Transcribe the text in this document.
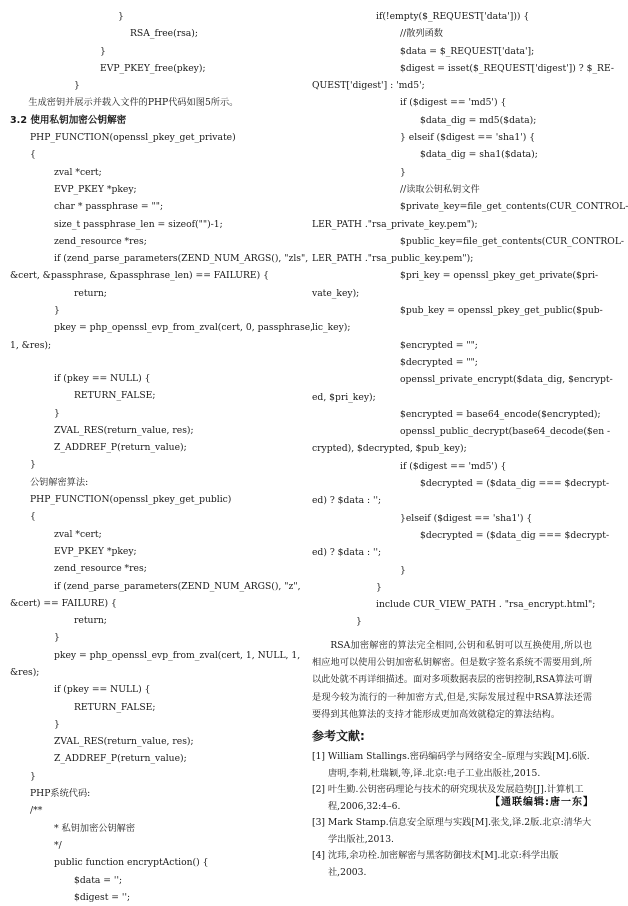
}
RSA_free(rsa);
}
EVP_PKEY_free(pkey);
}

生成密钥并展示并载入文件的PHP代码如图5所示。

3.2 使用私钥加密公钥解密
PHP_FUNCTION(openssl_pkey_get_private)
{
zval *cert;
EVP_PKEY *pkey;
char * passphrase = "";
size_t passphrase_len = sizeof("")-1;
zend_resource *res;
if (zend_parse_parameters(ZEND_NUM_ARGS(), "zls",
&cert, &passphrase, &passphrase_len) == FAILURE) {
return;
}
pkey = php_openssl_evp_from_zval(cert, 0, passphrase,
1, &res);
if (pkey == NULL) {
RETURN_FALSE;
}
ZVAL_RES(return_value, res);
Z_ADDREF_P(return_value);
}
公钥解密算法:
PHP_FUNCTION(openssl_pkey_get_public)
{
zval *cert;
EVP_PKEY *pkey;
zend_resource *res;
if (zend_parse_parameters(ZEND_NUM_ARGS(), "z",
&cert) == FAILURE) {
return;
}
pkey = php_openssl_evp_from_zval(cert, 1, NULL, 1,
&res);
if (pkey == NULL) {
RETURN_FALSE;
}
ZVAL_RES(return_value, res);
Z_ADDREF_P(return_value);
}
PHP系统代码:
/**
* 私钥加密公钥解密
*/
public function encryptAction() {
$data = '';
$digest = '';
if(!empty($_REQUEST['data'])) {
//散列函数
$data = $_REQUEST['data'];
$digest = isset($_REQUEST['digest']) ? $_RE-
QUEST['digest'] : 'md5';
if ($digest == 'md5') {
$data_dig = md5($data);
} elseif ($digest == 'sha1') {
$data_dig = sha1($data);
}
//读取公钥私钥文件
$private_key=file_get_contents(CUR_CONTROL-
LER_PATH ."rsa_private_key.pem");
$public_key=file_get_contents(CUR_CONTROL-
LER_PATH ."rsa_public_key.pem");
$pri_key = openssl_pkey_get_private($pri-
vate_key);
$pub_key = openssl_pkey_get_public($pub-
lic_key);
$encrypted = "";
$decrypted = "";
openssl_private_encrypt($data_dig, $encrypt-
ed, $pri_key);
$encrypted = base64_encode($encrypted);
openssl_public_decrypt(base64_decode($en -
crypted), $decrypted, $pub_key);
if ($digest == 'md5') {
$decrypted = ($data_dig === $decrypt-
ed) ? $data : '';
}elseif ($digest == 'sha1') {
$decrypted = ($data_dig === $decrypt-
ed) ? $data : '';
}
}
include CUR_VIEW_PATH . "rsa_encrypt.html";
}

RSA加密解密的算法完全相同,公钥和私钥可以互换使用,所以也相应地可以使用公钥加密私钥解密。但是数字签名系统不需要用到,所以此处就不再详细描述。面对多项数据表层的密钥控制,RSA算法可谓是现今较为流行的一种加密方式,但是,实际发展过程中RSA算法还需要得到其他算法的支持才能形成更加高效就稳定的算法结构。

参考文献:

[1] William Stallings.密码编码学与网络安全–原理与实践[M].6版.唐明,李莉,杜瑞颖,等,译.北京:电子工业出版社,2015.

[2] 叶生勤.公钥密码理论与技术的研究现状及发展趋势[J].计算机工程,2006,32:4–6.

[3] Mark Stamp.信息安全原理与实践[M].张戈,译.2版.北京:清华大学出版社,2013.

[4] 沈玮,余功栓.加密解密与黑客防御技术[M].北京:科学出版社,2003.

【通联编辑:唐一东】
